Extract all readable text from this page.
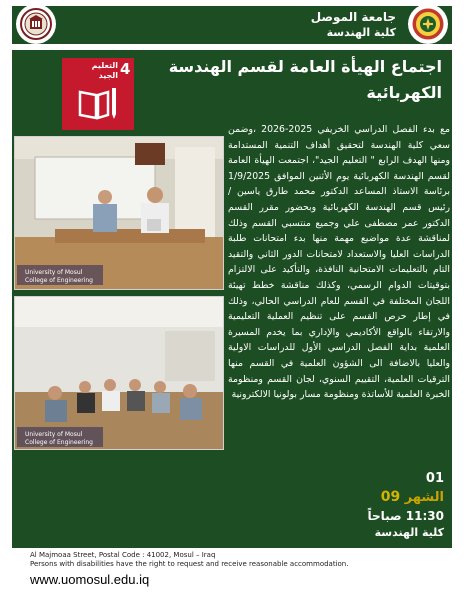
جامعة الموصل
كلية الهندسة
4
التعليم الجيد	اجتماع الهيأة العامة لقسم الهندسة الكهربائية
University of Mosul
College of Engineering
University of Mosul
College of Engineering
مع بدء الفصل الدراسي الخريفي 2025-2026 ،وضمن سعي كلية الهندسة لتحقيق أهداف التنمية المستدامة ومنها الهدف الرابع " التعليم الجيد"، اجتمعت الهيأة العامة لقسم الهندسة الكهربائية يوم الأثنين الموافق 1/9/2025 برئاسة الاستاذ المساعد الدكتور محمد طارق ياسين / رئيس قسم الهندسة الكهربائية وبحضور مقرر القسم الدكتور عمر مصطفى علي وجميع منتسبي القسم وذلك لمناقشة عدة مواضيع مهمة منها بدء امتحانات طلبة الدراسات العليا والاستعداد لامتحانات الدور الثاني والتقيد التام بالتعليمات الامتحانية النافذة، والتأكيد على الالتزام بتوقيتات الدوام الرسمي، وكذلك مناقشة خطط تهيئة اللجان المختلفة في القسم للعام الدراسي الحالي، وذلك في إطار حرص القسم على تنظيم العملية التعليمية والارتقاء بالواقع الأكاديمي والإداري بما يخدم المسيرة العلمية بداية الفصل الدراسي الأول للدراسات الاولية والعليا بالاضافة الى الشؤون العلمية في القسم منها الترقيات العلمية، التقييم السنوي، لجان القسم ومنظومة الخبرة العلمية للأساتذة ومنظومة مسار بولونيا الالكترونية
01
الشهر 09
11:30 صباحاً
كلية الهندسة
Al Majmoaa Street, Postal Code : 41002, Mosul – Iraq
Persons with disabilities have the right to request and receive reasonable accommodation.
www.uomosul.edu.iq
